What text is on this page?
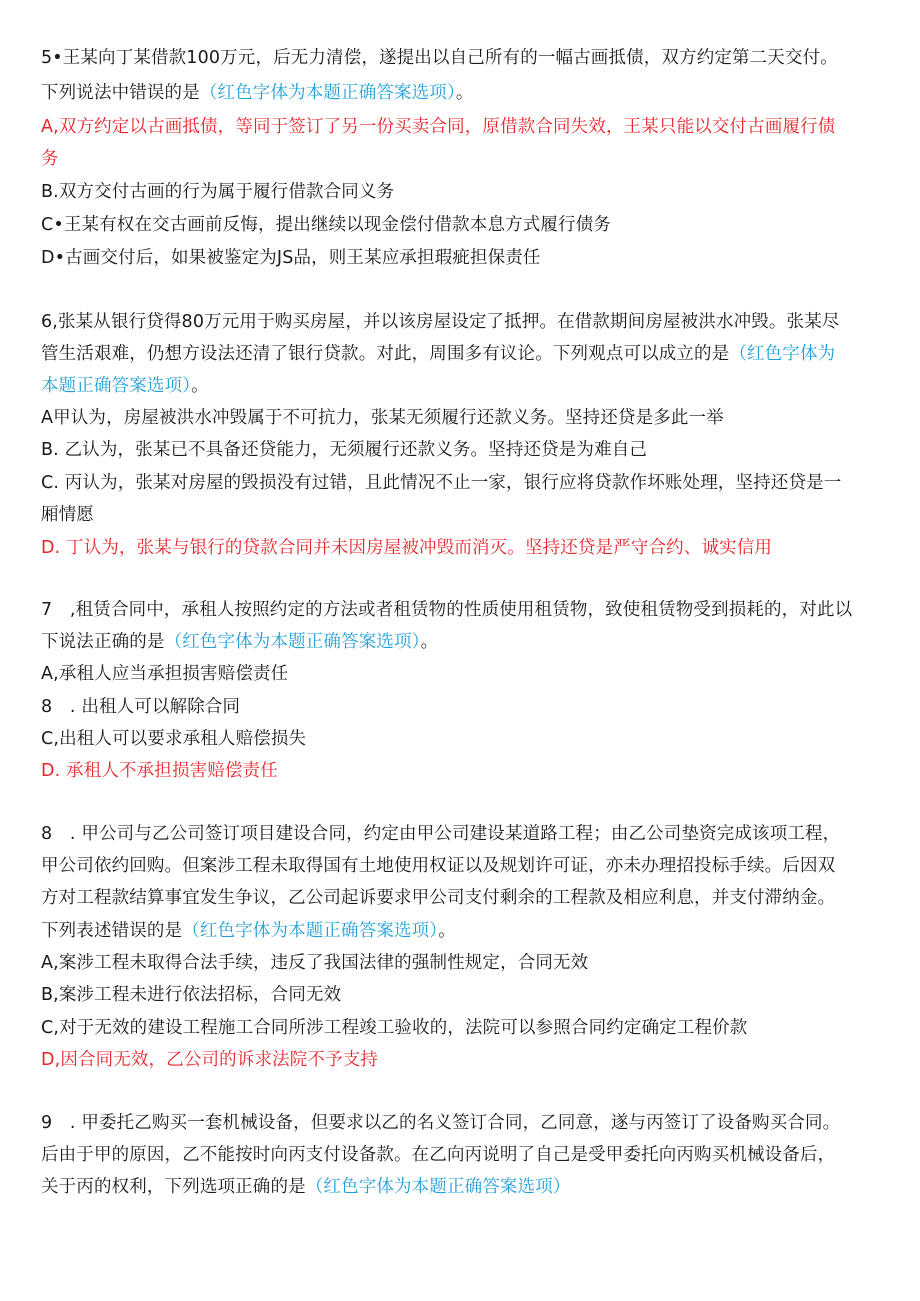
5•王某向丁某借款100万元，后无力清偿，遂提出以自己所有的一幅古画抵债，双方约定第二天交付。
下列说法中错误的是（红色字体为本题正确答案选项）。
A,双方约定以古画抵债，等同于签订了另一份买卖合同，原借款合同失效，王某只能以交付古画履行债
务
B.双方交付古画的行为属于履行借款合同义务
C•王某有权在交古画前反悔，提出继续以现金偿付借款本息方式履行债务
D•古画交付后，如果被鉴定为JS品，则王某应承担瑕疵担保责任
6,张某从银行贷得80万元用于购买房屋，并以该房屋设定了抵押。在借款期间房屋被洪水冲毁。张某尽
管生活艰难，仍想方设法还清了银行贷款。对此，周围多有议论。下列观点可以成立的是（红色字体为
本题正确答案选项）。
A甲认为，房屋被洪水冲毁属于不可抗力，张某无须履行还款义务。坚持还贷是多此一举
B. 乙认为，张某已不具备还贷能力，无须履行还款义务。坚持还贷是为难自己
C. 丙认为，张某对房屋的毁损没有过错，且此情况不止一家，银行应将贷款作坏账处理，坚持还贷是一
厢情愿
D. 丁认为，张某与银行的贷款合同并未因房屋被冲毁而消灭。坚持还贷是严守合约、诚实信用
7　,租赁合同中，承租人按照约定的方法或者租赁物的性质使用租赁物，致使租赁物受到损耗的，对此以
下说法正确的是（红色字体为本题正确答案选项）。
A,承租人应当承担损害赔偿责任
8　. 出租人可以解除合同
C,出租人可以要求承租人赔偿损失
D. 承租人不承担损害赔偿责任
8　. 甲公司与乙公司签订项目建设合同，约定由甲公司建设某道路工程；由乙公司垫资完成该项工程，
甲公司依约回购。但案涉工程未取得国有土地使用权证以及规划许可证，亦未办理招投标手续。后因双
方对工程款结算事宜发生争议，乙公司起诉要求甲公司支付剩余的工程款及相应利息，并支付滞纳金。
下列表述错误的是（红色字体为本题正确答案选项）。
A,案涉工程未取得合法手续，违反了我国法律的强制性规定，合同无效
B,案涉工程未进行依法招标，合同无效
C,对于无效的建设工程施工合同所涉工程竣工验收的，法院可以参照合同约定确定工程价款
D,因合同无效，乙公司的诉求法院不予支持
9　. 甲委托乙购买一套机械设备，但要求以乙的名义签订合同，乙同意，遂与丙签订了设备购买合同。
后由于甲的原因，乙不能按时向丙支付设备款。在乙向丙说明了自己是受甲委托向丙购买机械设备后，
关于丙的权利，下列选项正确的是（红色字体为本题正确答案选项）
